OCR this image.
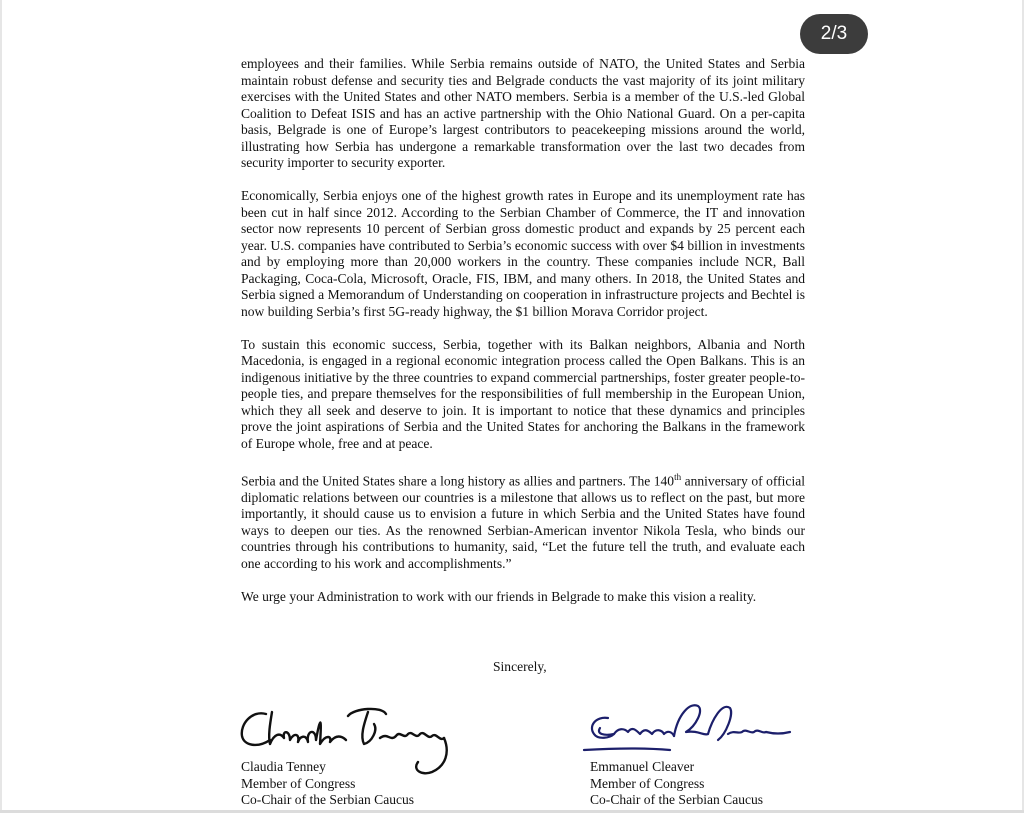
2/3

employees and their families. While Serbia remains outside of NATO, the United States and Serbia maintain robust defense and security ties and Belgrade conducts the vast majority of its joint military exercises with the United States and other NATO members. Serbia is a member of the U.S.-led Global Coalition to Defeat ISIS and has an active partnership with the Ohio National Guard. On a per-capita basis, Belgrade is one of Europe’s largest contributors to peacekeeping missions around the world, illustrating how Serbia has undergone a remarkable transformation over the last two decades from security importer to security exporter.

Economically, Serbia enjoys one of the highest growth rates in Europe and its unemployment rate has been cut in half since 2012. According to the Serbian Chamber of Commerce, the IT and innovation sector now represents 10 percent of Serbian gross domestic product and expands by 25 percent each year. U.S. companies have contributed to Serbia’s economic success with over $4 billion in investments and by employing more than 20,000 workers in the country. These companies include NCR, Ball Packaging, Coca-Cola, Microsoft, Oracle, FIS, IBM, and many others. In 2018, the United States and Serbia signed a Memorandum of Understanding on cooperation in infrastructure projects and Bechtel is now building Serbia’s first 5G-ready highway, the $1 billion Morava Corridor project.

To sustain this economic success, Serbia, together with its Balkan neighbors, Albania and North Macedonia, is engaged in a regional economic integration process called the Open Balkans. This is an indigenous initiative by the three countries to expand commercial partnerships, foster greater people-to-people ties, and prepare themselves for the responsibilities of full membership in the European Union, which they all seek and deserve to join. It is important to notice that these dynamics and principles prove the joint aspirations of Serbia and the United States for anchoring the Balkans in the framework of Europe whole, free and at peace.

Serbia and the United States share a long history as allies and partners. The 140th anniversary of official diplomatic relations between our countries is a milestone that allows us to reflect on the past, but more importantly, it should cause us to envision a future in which Serbia and the United States have found ways to deepen our ties. As the renowned Serbian-American inventor Nikola Tesla, who binds our countries through his contributions to humanity, said, “Let the future tell the truth, and evaluate each one according to his work and accomplishments.”

We urge your Administration to work with our friends in Belgrade to make this vision a reality.

Sincerely,
Claudia Tenney
Member of Congress
Co-Chair of the Serbian Caucus
Emmanuel Cleaver
Member of Congress
Co-Chair of the Serbian Caucus
